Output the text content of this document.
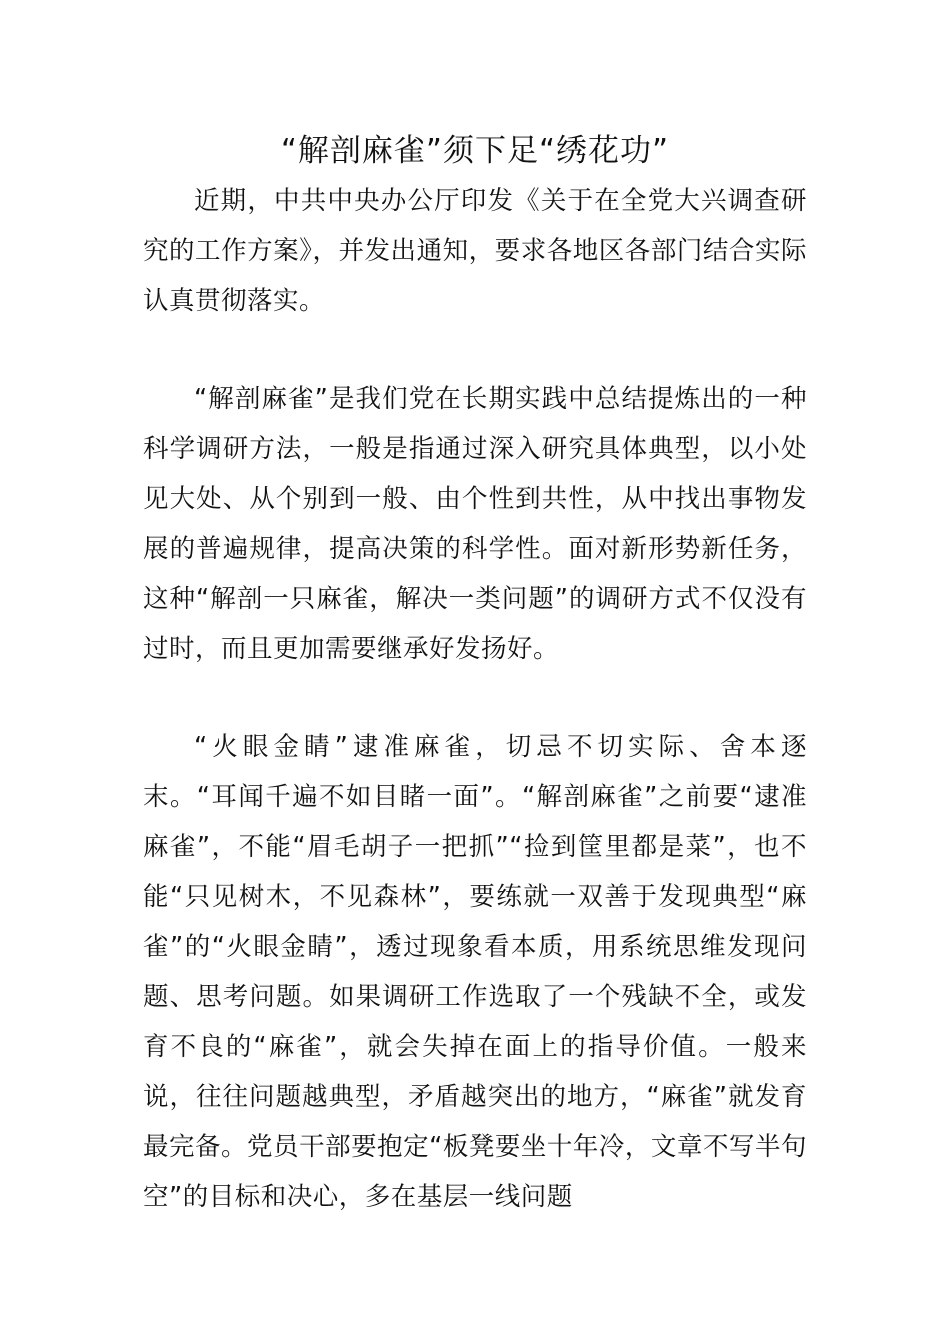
“解剖麻雀”须下足“绣花功”

近期，中共中央办公厅印发《关于在全党大兴调查研究的工作方案》，并发出通知，要求各地区各部门结合实际认真贯彻落实。

“解剖麻雀”是我们党在长期实践中总结提炼出的一种科学调研方法，一般是指通过深入研究具体典型，以小处见大处、从个别到一般、由个性到共性，从中找出事物发展的普遍规律，提高决策的科学性。面对新形势新任务，这种“解剖一只麻雀，解决一类问题”的调研方式不仅没有过时，而且更加需要继承好发扬好。

“火眼金睛”逮准麻雀，切忌不切实际、舍本逐末。“耳闻千遍不如目睹一面”。“解剖麻雀”之前要“逮准麻雀”，不能“眉毛胡子一把抓”“捡到筐里都是菜”，也不能“只见树木，不见森林”，要练就一双善于发现典型“麻雀”的“火眼金睛”，透过现象看本质，用系统思维发现问题、思考问题。如果调研工作选取了一个残缺不全，或发育不良的“麻雀”，就会失掉在面上的指导价值。一般来说，往往问题越典型，矛盾越突出的地方，“麻雀”就发育最完备。党员干部要抱定“板凳要坐十年冷，文章不写半句空”的目标和决心，多在基层一线问题
